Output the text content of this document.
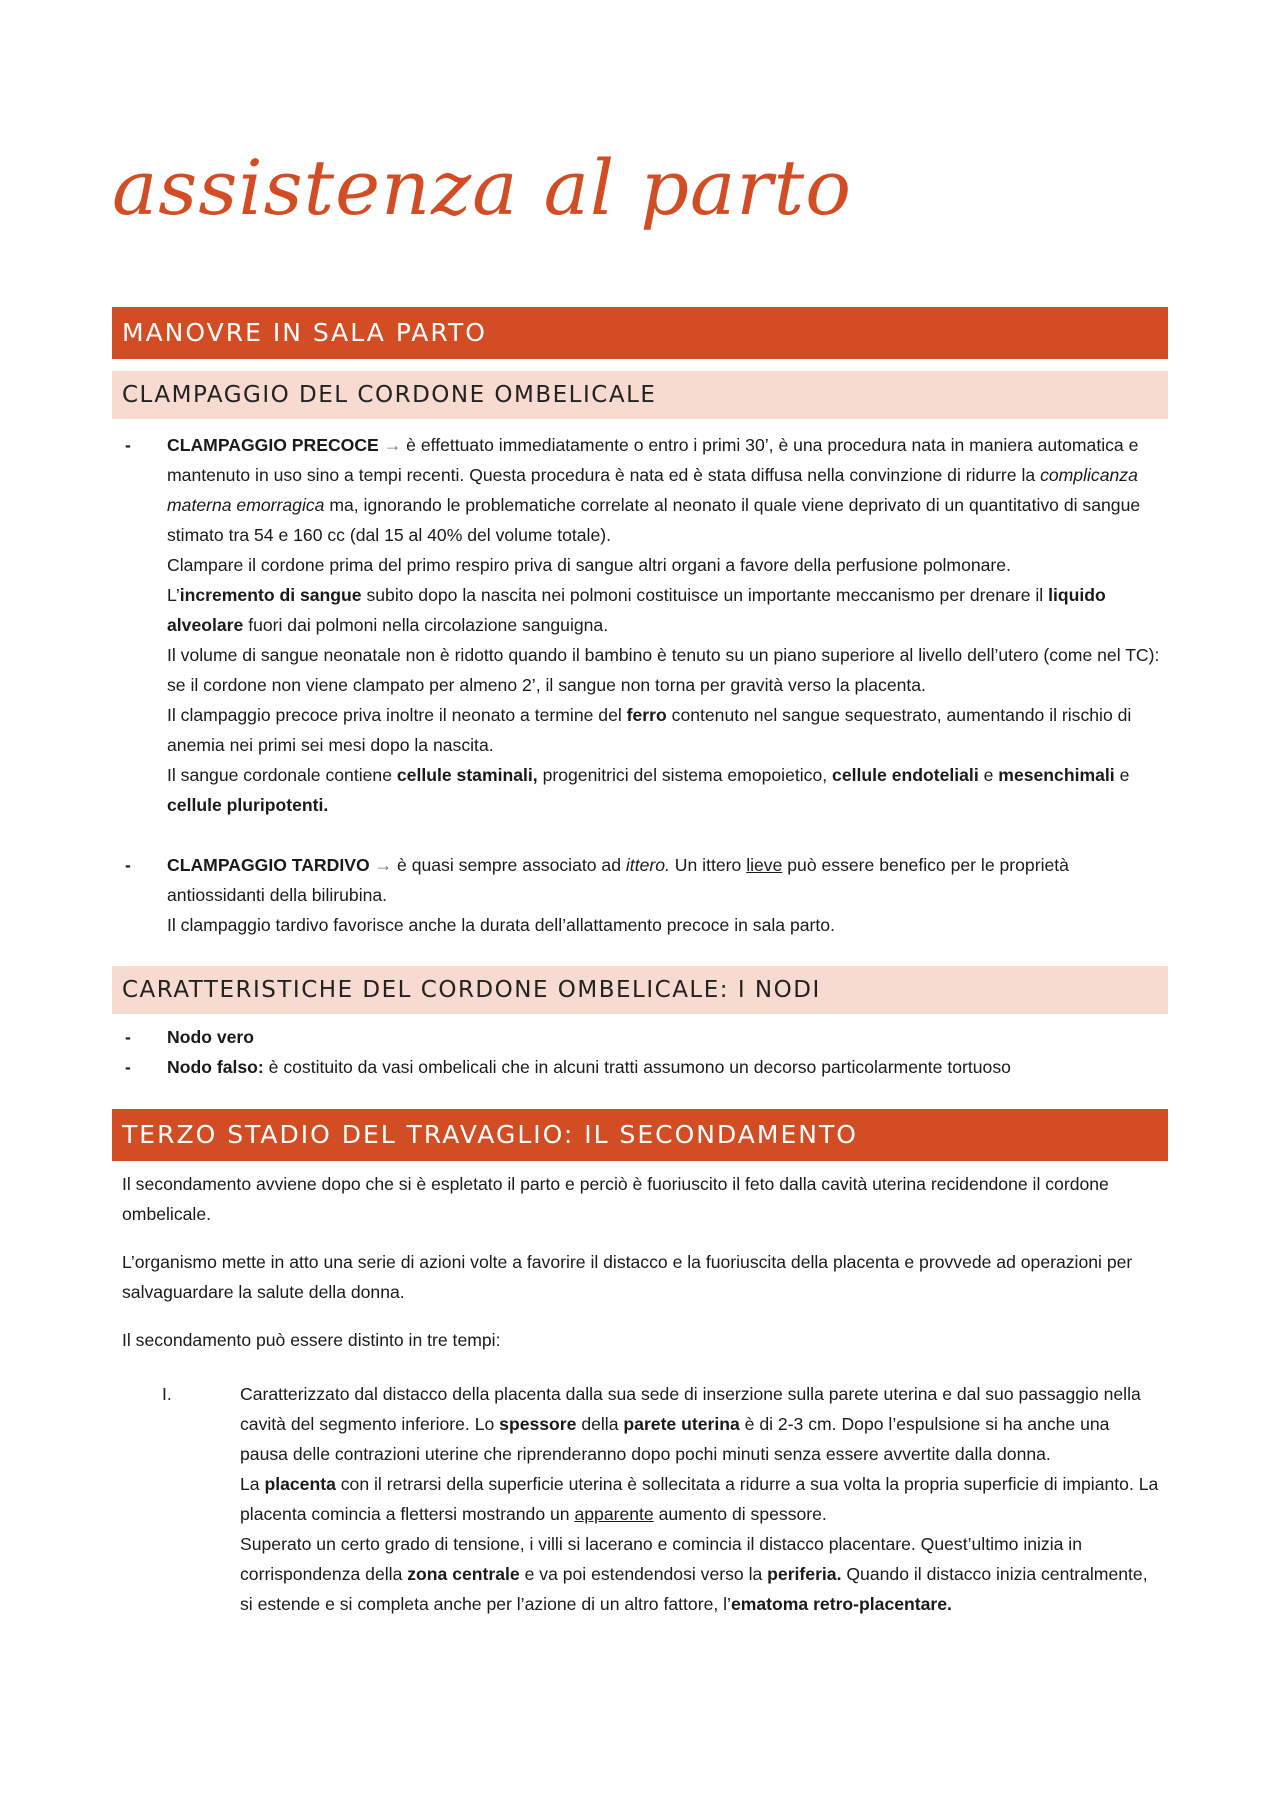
assistenza al parto
MANOVRE IN SALA PARTO
CLAMPAGGIO DEL CORDONE OMBELICALE
-	CLAMPAGGIO PRECOCE → è effettuato immediatamente o entro i primi 30’, è una procedura nata in maniera automatica e mantenuto in uso sino a tempi recenti. Questa procedura è nata ed è stata diffusa nella convinzione di ridurre la complicanza materna emorragica ma, ignorando le problematiche correlate al neonato il quale viene deprivato di un quantitativo di sangue stimato tra 54 e 160 cc (dal 15 al 40% del volume totale).

Clampare il cordone prima del primo respiro priva di sangue altri organi a favore della perfusione polmonare.

L’incremento di sangue subito dopo la nascita nei polmoni costituisce un importante meccanismo per drenare il liquido alveolare fuori dai polmoni nella circolazione sanguigna.

Il volume di sangue neonatale non è ridotto quando il bambino è tenuto su un piano superiore al livello dell’utero (come nel TC): se il cordone non viene clampato per almeno 2’, il sangue non torna per gravità verso la placenta.

Il clampaggio precoce priva inoltre il neonato a termine del ferro contenuto nel sangue sequestrato, aumentando il rischio di anemia nei primi sei mesi dopo la nascita.

Il sangue cordonale contiene cellule staminali, progenitrici del sistema emopoietico, cellule endoteliali e mesenchimali e cellule pluripotenti.

-	CLAMPAGGIO TARDIVO → è quasi sempre associato ad ittero. Un ittero lieve può essere benefico per le proprietà antiossidanti della bilirubina.

Il clampaggio tardivo favorisce anche la durata dell’allattamento precoce in sala parto.

CARATTERISTICHE DEL CORDONE OMBELICALE: I NODI
-	Nodo vero
-	Nodo falso: è costituito da vasi ombelicali che in alcuni tratti assumono un decorso particolarmente tortuoso
TERZO STADIO DEL TRAVAGLIO: IL SECONDAMENTO

Il secondamento avviene dopo che si è espletato il parto e perciò è fuoriuscito il feto dalla cavità uterina recidendone il cordone ombelicale.

L’organismo mette in atto una serie di azioni volte a favorire il distacco e la fuoriuscita della placenta e provvede ad operazioni per salvaguardare la salute della donna.

Il secondamento può essere distinto in tre tempi:

I.	Caratterizzato dal distacco della placenta dalla sua sede di inserzione sulla parete uterina e dal suo passaggio nella cavità del segmento inferiore. Lo spessore della parete uterina è di 2-3 cm. Dopo l’espulsione si ha anche una pausa delle contrazioni uterine che riprenderanno dopo pochi minuti senza essere avvertite dalla donna.

La placenta con il retrarsi della superficie uterina è sollecitata a ridurre a sua volta la propria superficie di impianto. La placenta comincia a flettersi mostrando un apparente aumento di spessore.

Superato un certo grado di tensione, i villi si lacerano e comincia il distacco placentare. Quest’ultimo inizia in corrispondenza della zona centrale e va poi estendendosi verso la periferia. Quando il distacco inizia centralmente, si estende e si completa anche per l’azione di un altro fattore, l’ematoma retro-placentare.
